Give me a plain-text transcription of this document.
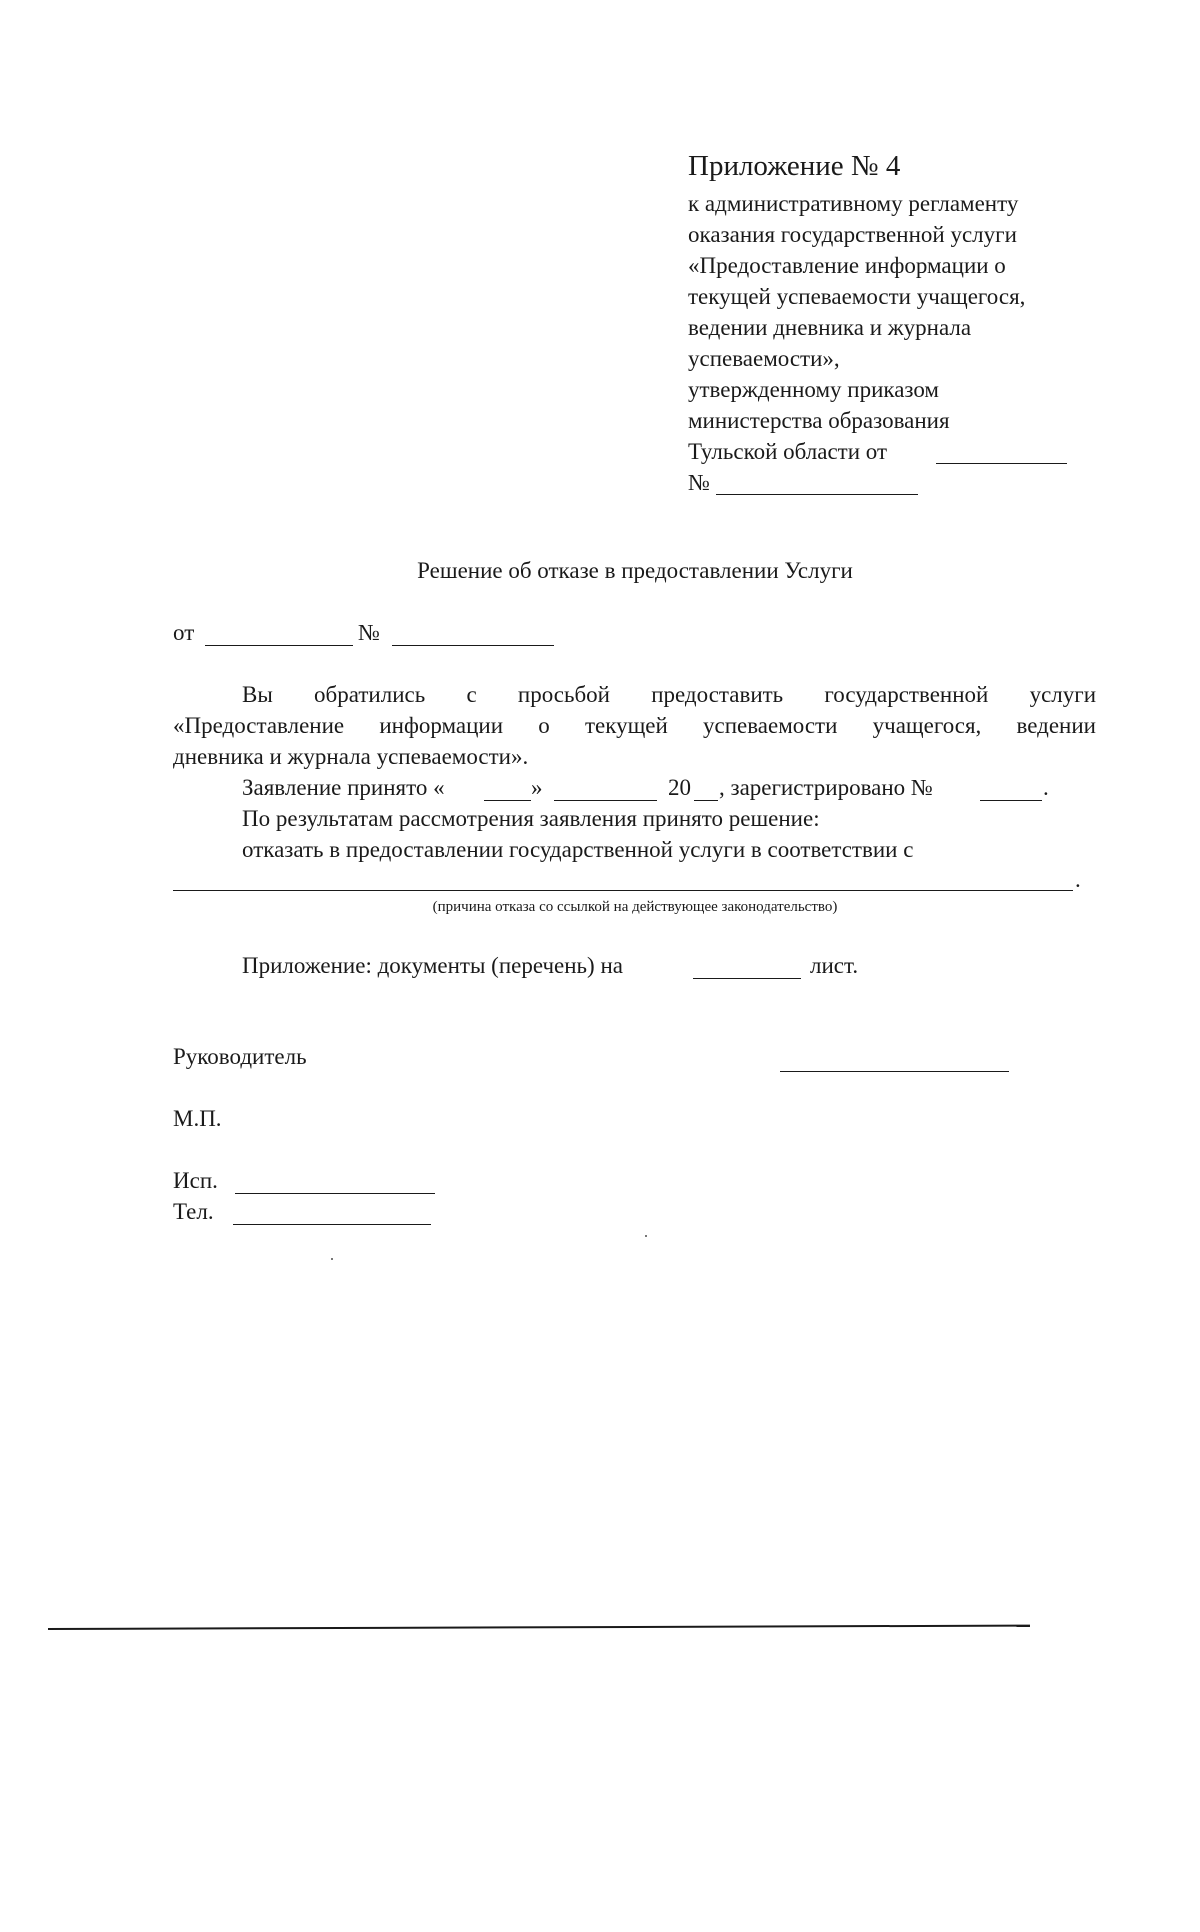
Приложение № 4
к административному регламенту
оказания государственной услуги
«Предоставление информации о
текущей успеваемости учащегося,
ведении дневника и журнала
успеваемости»,
утвержденному приказом
министерства образования
Тульской области от
№
Решение об отказе в предоставлении Услуги
от	№
Вы обратились с просьбой предоставить государственной услуги
«Предоставление информации о текущей успеваемости учащегося, ведении
дневника и журнала успеваемости».
Заявление принято «	»	20 , зарегистрировано №	.
По результатам рассмотрения заявления принято решение:
отказать в предоставлении государственной услуги в соответствии с
.
(причина отказа со ссылкой на действующее законодательство)
Приложение: документы (перечень) на	лист.
Руководитель
М.П.
Исп.
Тел.
